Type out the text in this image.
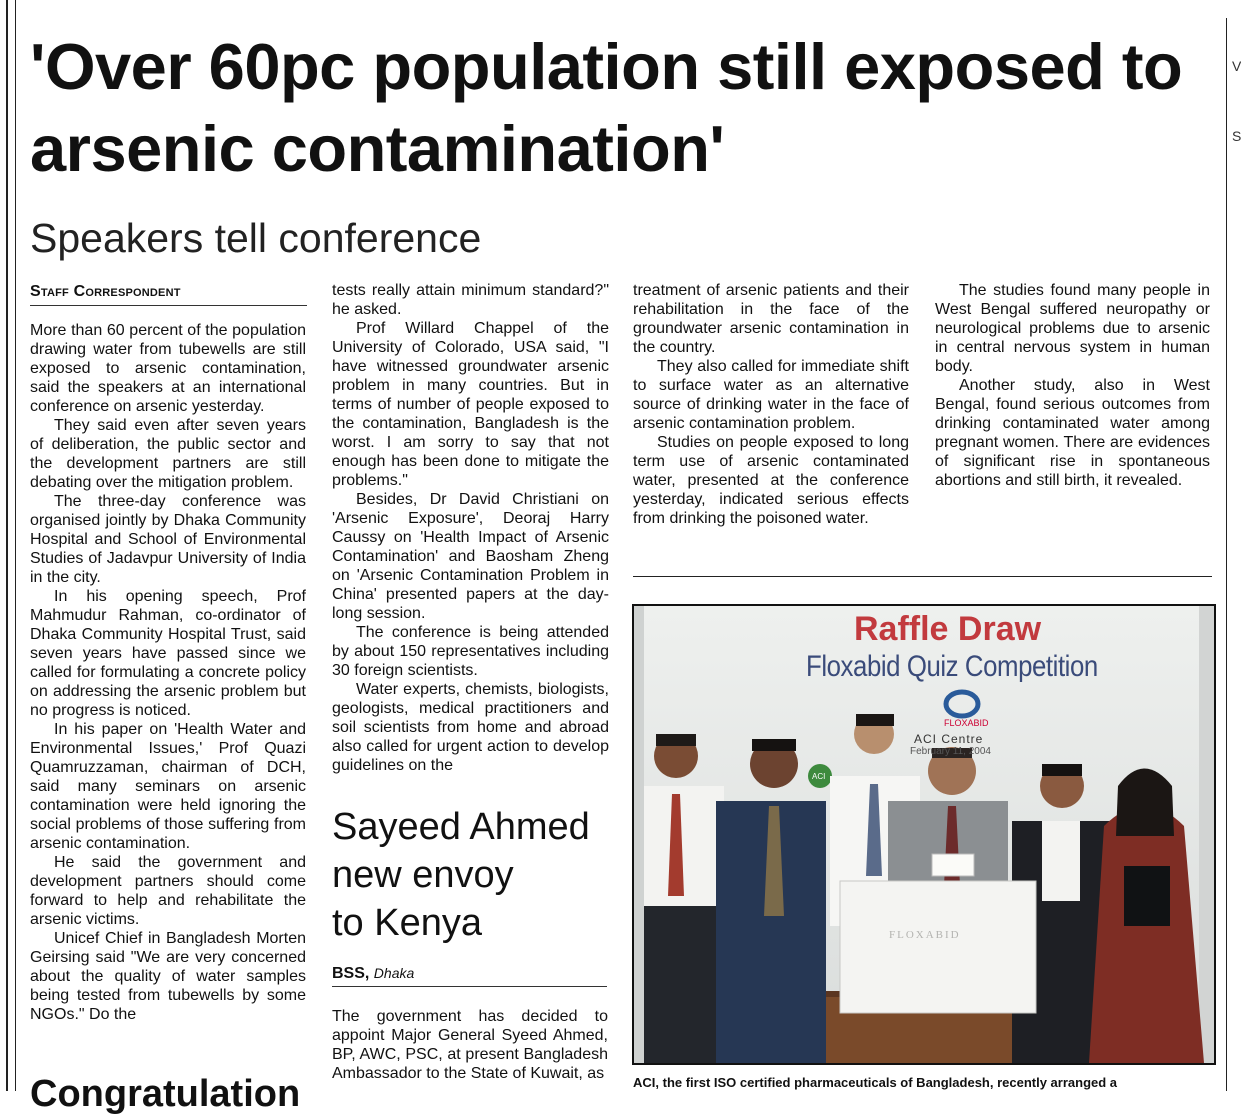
V
S
'Over 60pc population still exposed to arsenic contamination'
Speakers tell conference
Staff Correspondent

More than 60 percent of the population drawing water from tubewells are still exposed to arsenic contamination, said the speakers at an international conference on arsenic yesterday.

They said even after seven years of deliberation, the public sector and the development partners are still debating over the mitigation problem.

The three-day conference was organised jointly by Dhaka Community Hospital and School of Environmental Studies of Jadavpur University of India in the city.

In his opening speech, Prof Mahmudur Rahman, co-ordinator of Dhaka Community Hospital Trust, said seven years have passed since we called for formulating a concrete policy on addressing the arsenic problem but no progress is noticed.

In his paper on 'Health Water and Environmental Issues,' Prof Quazi Quamruzzaman, chairman of DCH, said many seminars on arsenic contamination were held ignoring the social problems of those suffering from arsenic contamination.

He said the government and development partners should come forward to help and rehabilitate the arsenic victims.

Unicef Chief in Bangladesh Morten Geirsing said "We are very concerned about the quality of water samples being tested from tubewells by some NGOs." Do the

tests really attain minimum standard?" he asked.

Prof Willard Chappel of the University of Colorado, USA said, "I have witnessed groundwater arsenic problem in many countries. But in terms of number of people exposed to the contamination, Bangladesh is the worst. I am sorry to say that not enough has been done to mitigate the problems."

Besides, Dr David Christiani on 'Arsenic Exposure', Deoraj Harry Caussy on 'Health Impact of Arsenic Contamination' and Baosham Zheng on 'Arsenic Contamination Problem in China' presented papers at the day-long session.

The conference is being attended by about 150 representatives including 30 foreign scientists.

Water experts, chemists, biologists, geologists, medical practitioners and soil scientists from home and abroad also called for urgent action to develop guidelines on the

treatment of arsenic patients and their rehabilitation in the face of the groundwater arsenic contamination in the country.

They also called for immediate shift to surface water as an alternative source of drinking water in the face of arsenic contamination problem.

Studies on people exposed to long term use of arsenic contaminated water, presented at the conference yesterday, indicated serious effects from drinking the poisoned water.

The studies found many people in West Bengal suffered neuropathy or neurological problems due to arsenic in central nervous system in human body.

Another study, also in West Bengal, found serious outcomes from drinking contaminated water among pregnant women. There are evidences of significant rise in spontaneous abortions and still birth, it revealed.

Sayeed Ahmed
new envoy
to Kenya
BSS, Dhaka

The government has decided to appoint Major General Syeed Ahmed, BP, AWC, PSC, at present Bangladesh Ambassador to the State of Kuwait, as

Congratulation
FLOXABID
ACI
FLOXABID
Raffle Draw
Floxabid Quiz Competition
ACI Centre
February 11, 2004
ACI, the first ISO certified pharmaceuticals of Bangladesh, recently arranged a
